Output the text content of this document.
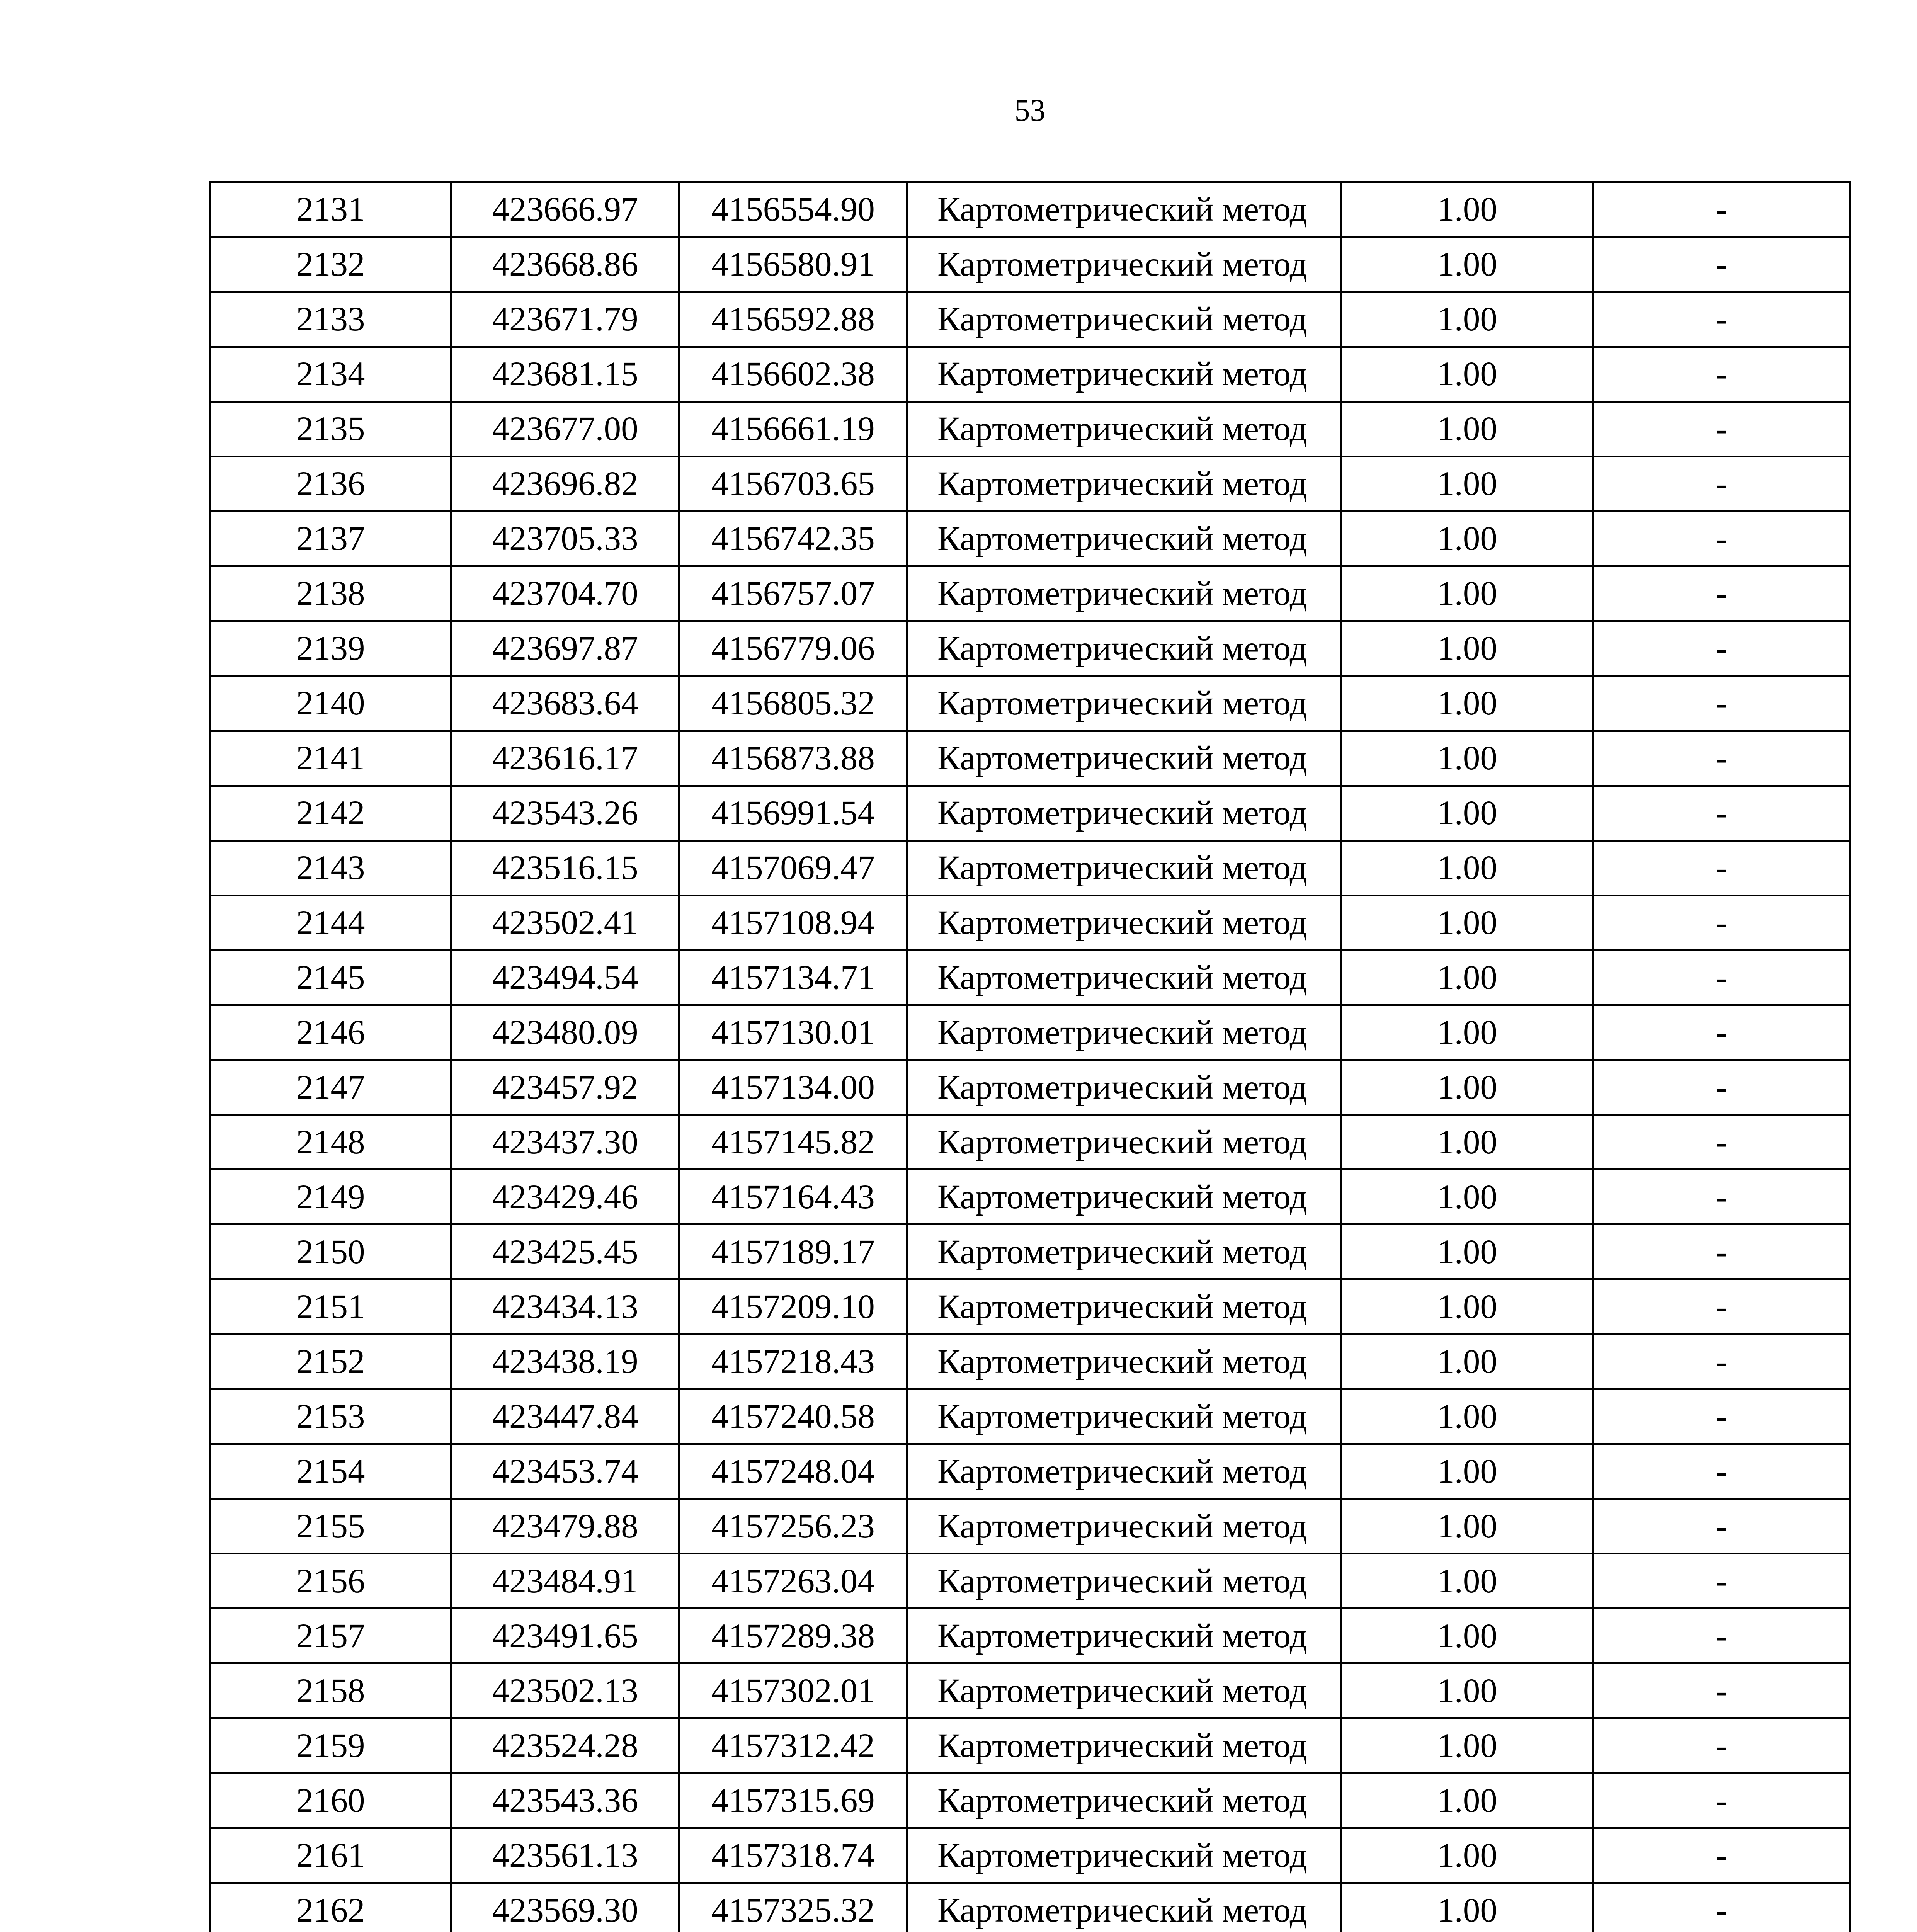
53
2131	423666.97	4156554.90	Картометрический метод	1.00	-
2132	423668.86	4156580.91	Картометрический метод	1.00	-
2133	423671.79	4156592.88	Картометрический метод	1.00	-
2134	423681.15	4156602.38	Картометрический метод	1.00	-
2135	423677.00	4156661.19	Картометрический метод	1.00	-
2136	423696.82	4156703.65	Картометрический метод	1.00	-
2137	423705.33	4156742.35	Картометрический метод	1.00	-
2138	423704.70	4156757.07	Картометрический метод	1.00	-
2139	423697.87	4156779.06	Картометрический метод	1.00	-
2140	423683.64	4156805.32	Картометрический метод	1.00	-
2141	423616.17	4156873.88	Картометрический метод	1.00	-
2142	423543.26	4156991.54	Картометрический метод	1.00	-
2143	423516.15	4157069.47	Картометрический метод	1.00	-
2144	423502.41	4157108.94	Картометрический метод	1.00	-
2145	423494.54	4157134.71	Картометрический метод	1.00	-
2146	423480.09	4157130.01	Картометрический метод	1.00	-
2147	423457.92	4157134.00	Картометрический метод	1.00	-
2148	423437.30	4157145.82	Картометрический метод	1.00	-
2149	423429.46	4157164.43	Картометрический метод	1.00	-
2150	423425.45	4157189.17	Картометрический метод	1.00	-
2151	423434.13	4157209.10	Картометрический метод	1.00	-
2152	423438.19	4157218.43	Картометрический метод	1.00	-
2153	423447.84	4157240.58	Картометрический метод	1.00	-
2154	423453.74	4157248.04	Картометрический метод	1.00	-
2155	423479.88	4157256.23	Картометрический метод	1.00	-
2156	423484.91	4157263.04	Картометрический метод	1.00	-
2157	423491.65	4157289.38	Картометрический метод	1.00	-
2158	423502.13	4157302.01	Картометрический метод	1.00	-
2159	423524.28	4157312.42	Картометрический метод	1.00	-
2160	423543.36	4157315.69	Картометрический метод	1.00	-
2161	423561.13	4157318.74	Картометрический метод	1.00	-
2162	423569.30	4157325.32	Картометрический метод	1.00	-
